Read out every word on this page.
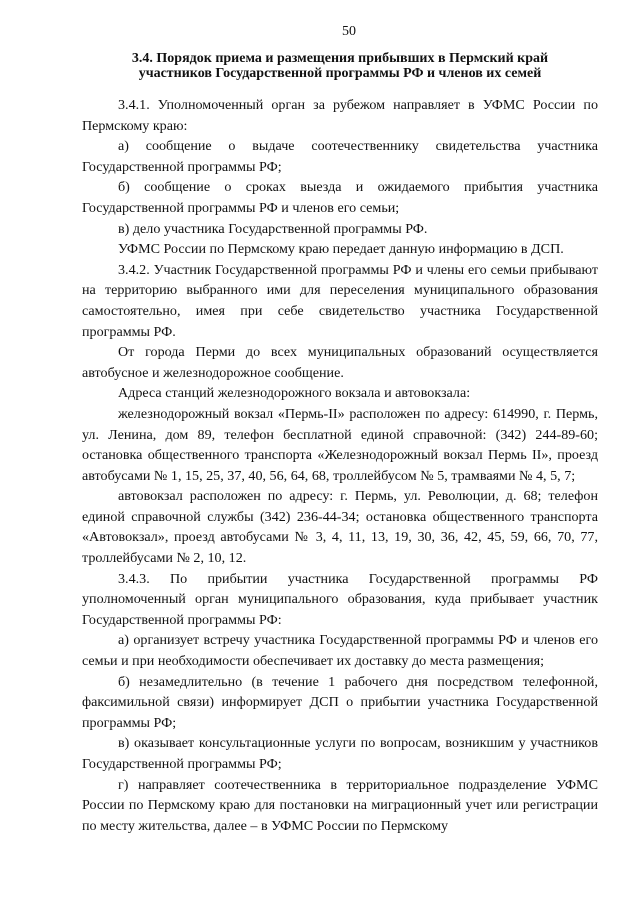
50
3.4. Порядок приема и размещения прибывших в Пермский край
участников Государственной программы РФ и членов их семей

3.4.1. Уполномоченный орган за рубежом направляет в УФМС России по Пермскому краю:

а) сообщение о выдаче соотечественнику свидетельства участника Государственной программы РФ;

б) сообщение о сроках выезда и ожидаемого прибытия участника Государственной программы РФ и членов его семьи;

в) дело участника Государственной программы РФ.

УФМС России по Пермскому краю передает данную информацию в ДСП.

3.4.2. Участник Государственной программы РФ и члены его семьи прибывают на территорию выбранного ими для переселения муниципального образования самостоятельно, имея при себе свидетельство участника Государственной программы РФ.

От города Перми до всех муниципальных образований осуществляется автобусное и железнодорожное сообщение.

Адреса станций железнодорожного вокзала и автовокзала:

железнодорожный вокзал «Пермь-II» расположен по адресу: 614990, г. Пермь, ул. Ленина, дом 89, телефон бесплатной единой справочной: (342) 244-89-60; остановка общественного транспорта «Железнодорожный вокзал Пермь II», проезд автобусами № 1, 15, 25, 37, 40, 56, 64, 68, троллейбусом № 5, трамваями № 4, 5, 7;

автовокзал расположен по адресу: г. Пермь, ул. Революции, д. 68; телефон единой справочной службы (342) 236-44-34; остановка общественного транспорта «Автовокзал», проезд автобусами № 3, 4, 11, 13, 19, 30, 36, 42, 45, 59, 66, 70, 77, троллейбусами № 2, 10, 12.

3.4.3. По прибытии участника Государственной программы РФ уполномоченный орган муниципального образования, куда прибывает участник Государственной программы РФ:

а) организует встречу участника Государственной программы РФ и членов его семьи и при необходимости обеспечивает их доставку до места размещения;

б) незамедлительно (в течение 1 рабочего дня посредством телефонной, факсимильной связи) информирует ДСП о прибытии участника Государственной программы РФ;

в) оказывает консультационные услуги по вопросам, возникшим у участников Государственной программы РФ;

г) направляет соотечественника в территориальное подразделение УФМС России по Пермскому краю для постановки на миграционный учет или регистрации по месту жительства, далее – в УФМС России по Пермскому
